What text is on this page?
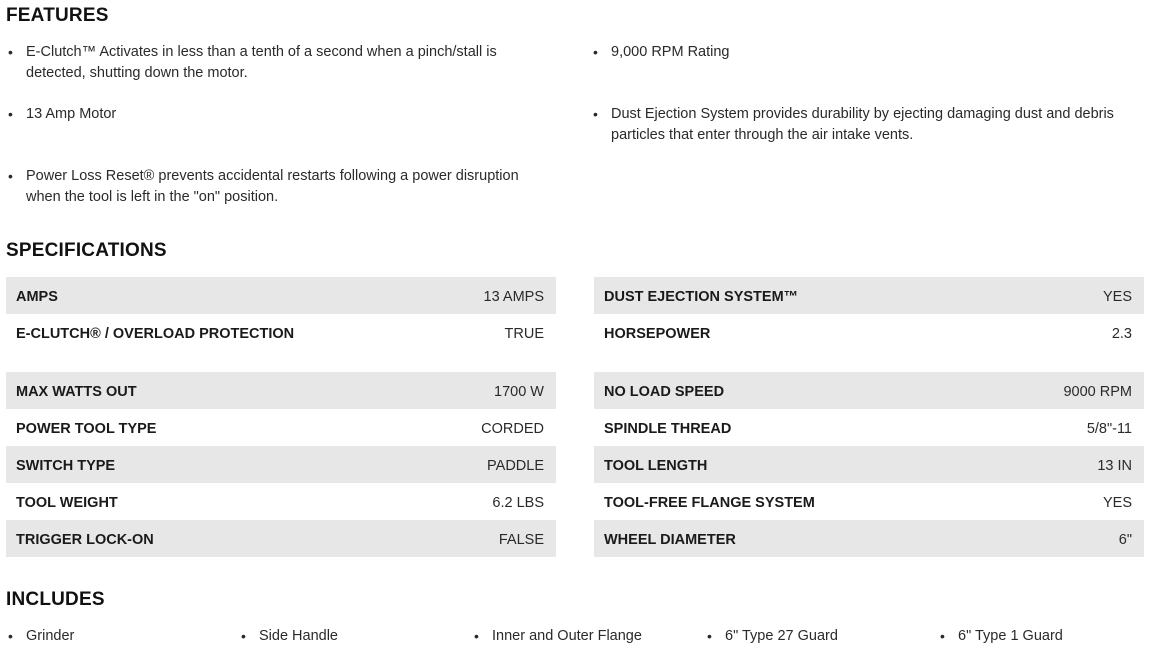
FEATURES
• E-Clutch™ Activates in less than a tenth of a second when a pinch/stall is detected, shutting down the motor.
• 13 Amp Motor
• Power Loss Reset® prevents accidental restarts following a power disruption when the tool is left in the "on" position.
• 9,000 RPM Rating
• Dust Ejection System provides durability by ejecting damaging dust and debris particles that enter through the air intake vents.
SPECIFICATIONS
AMPS	13 AMPS
E-CLUTCH® / OVERLOAD PROTECTION	TRUE
MAX WATTS OUT	1700 W
POWER TOOL TYPE	CORDED
SWITCH TYPE	PADDLE
TOOL WEIGHT	6.2 LBS
TRIGGER LOCK-ON	FALSE
DUST EJECTION SYSTEM™	YES
HORSEPOWER	2.3
NO LOAD SPEED	9000 RPM
SPINDLE THREAD	5/8"-11
TOOL LENGTH	13 IN
TOOL-FREE FLANGE SYSTEM	YES
WHEEL DIAMETER	6"
INCLUDES
• Grinder	• Side Handle	• Inner and Outer Flange	• 6" Type 27 Guard	• 6" Type 1 Guard
